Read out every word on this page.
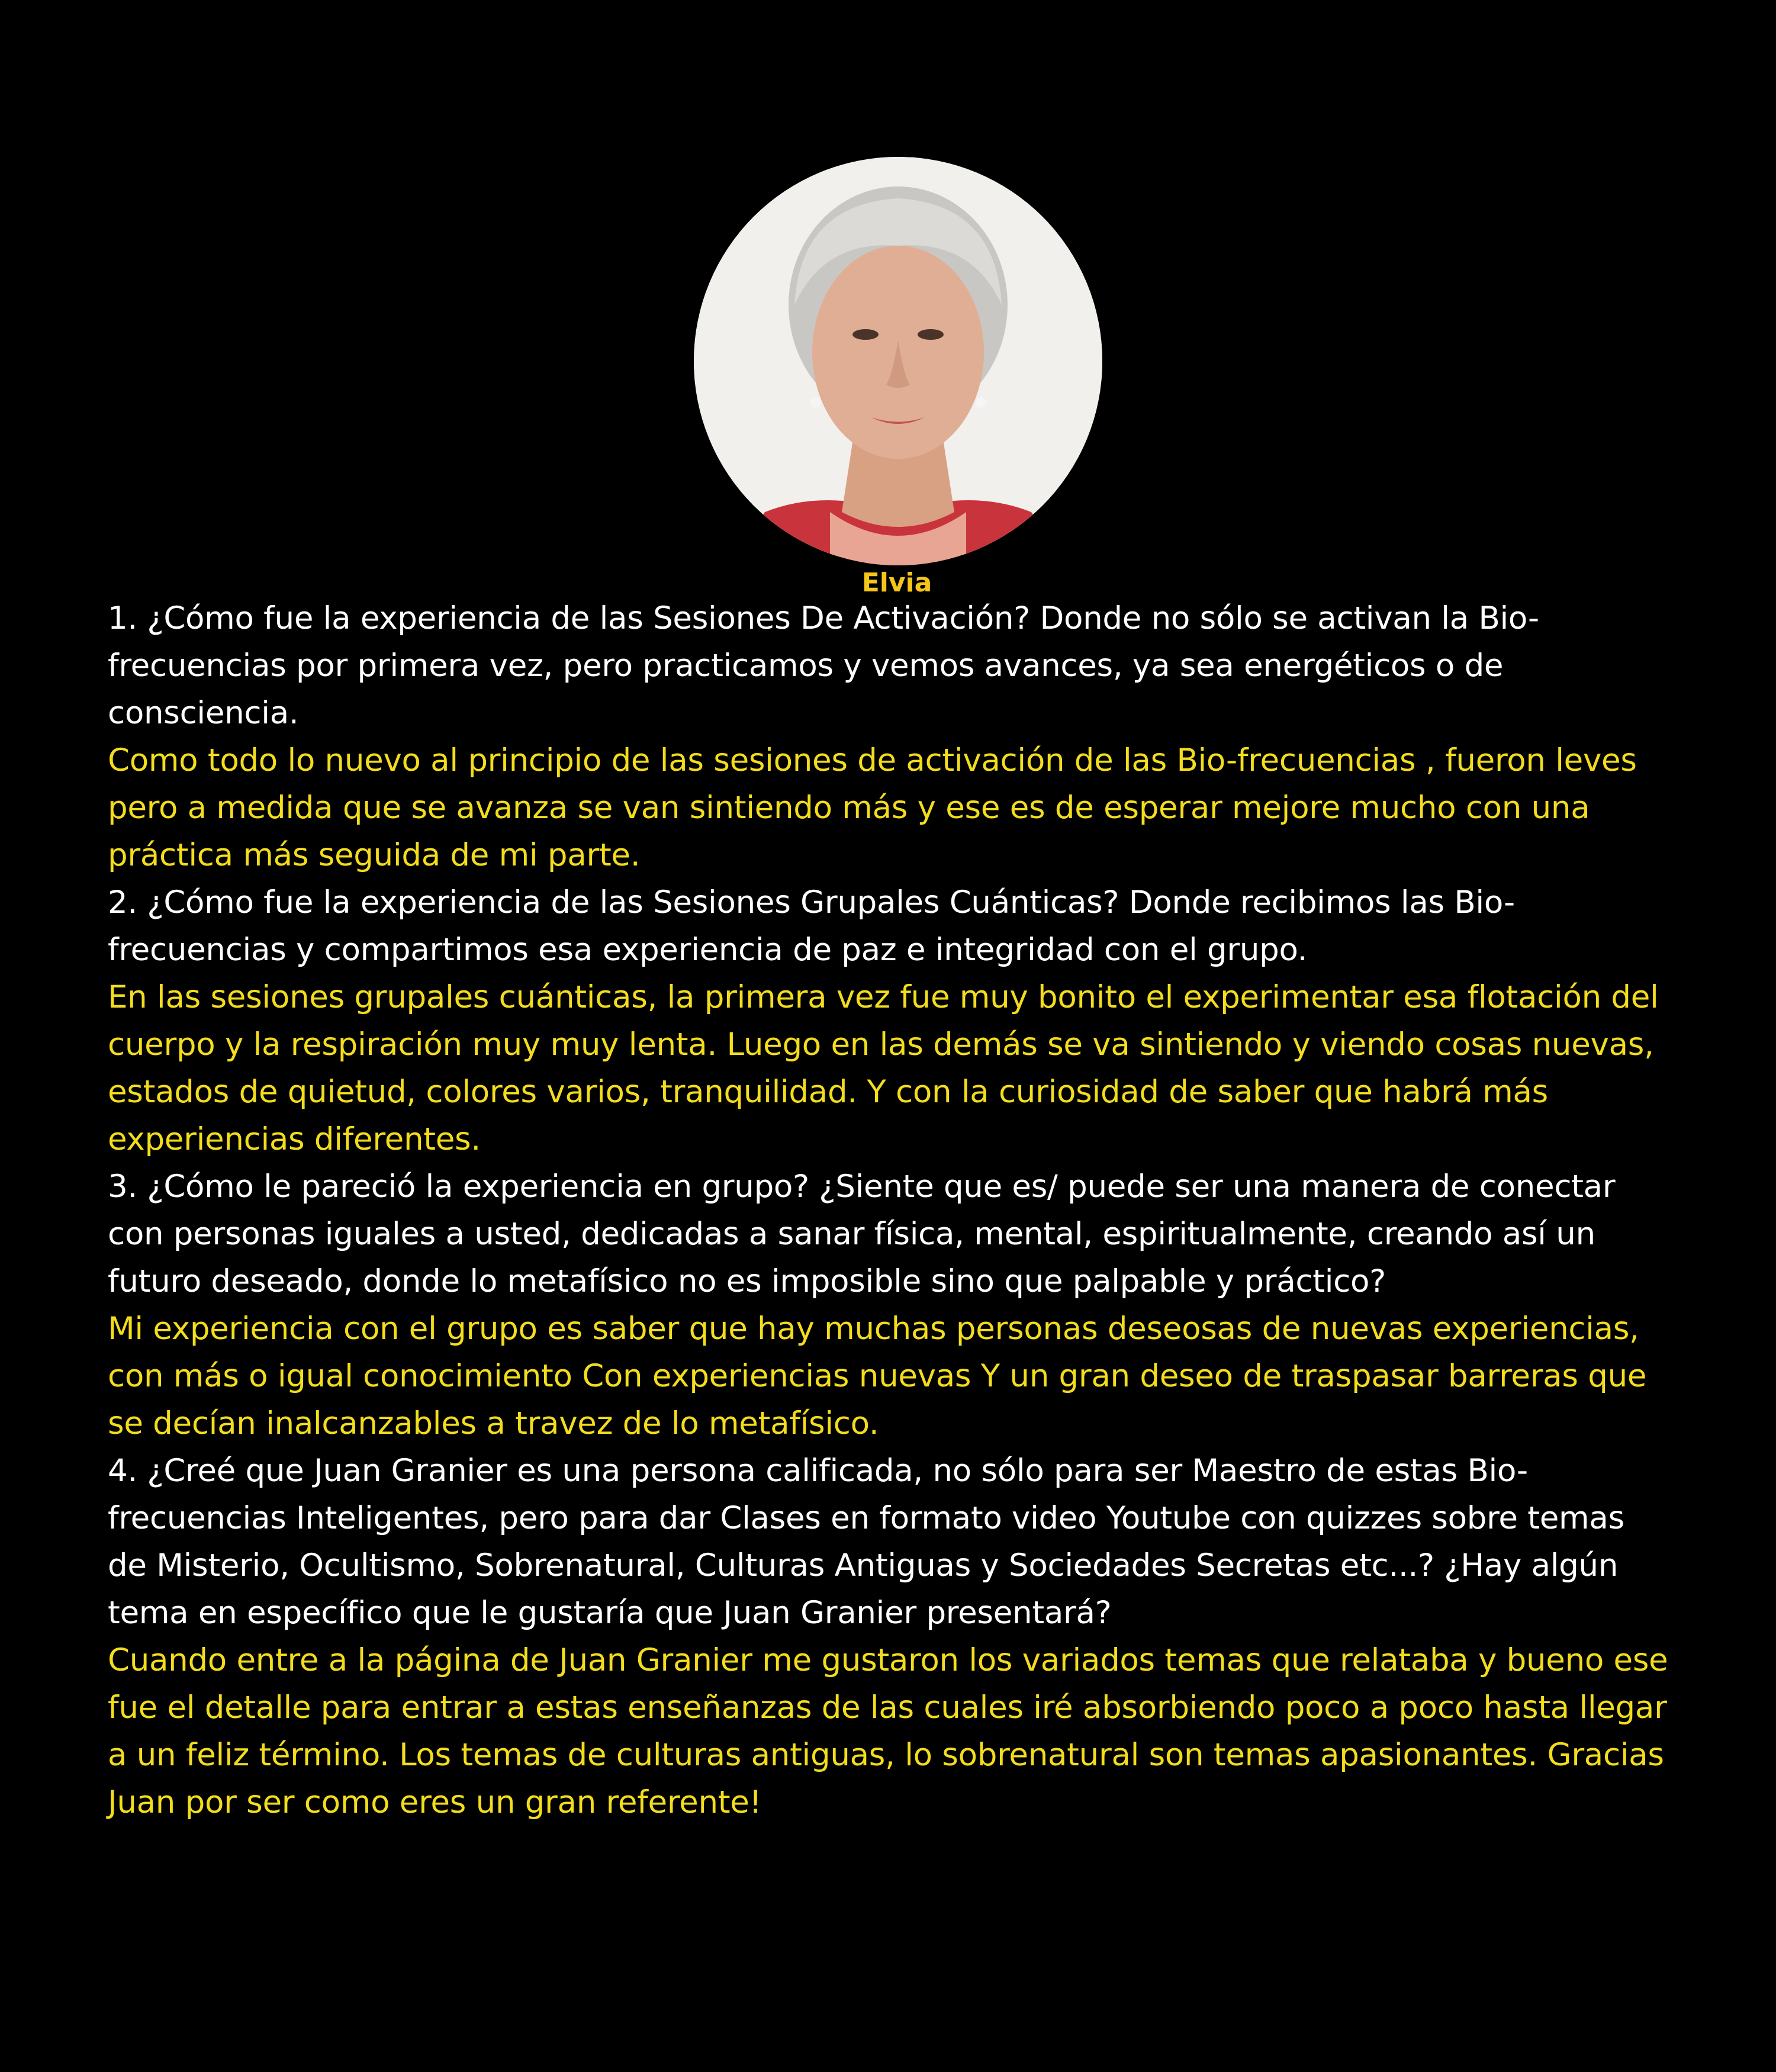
Elvia

1. ¿Cómo fue la experiencia de las Sesiones De Activación? Donde no sólo se activan la Bio-frecuencias por primera vez, pero practicamos y vemos avances, ya sea energéticos o de consciencia.

Como todo lo nuevo al principio de las sesiones de activación de las Bio-frecuencias , fueron leves pero a medida que se avanza se van sintiendo más y ese es de esperar mejore mucho con una práctica más seguida de mi parte.

2. ¿Cómo fue la experiencia de las Sesiones Grupales Cuánticas? Donde recibimos las Bio-frecuencias y compartimos esa experiencia de paz e integridad con el grupo.

En las sesiones grupales cuánticas, la primera vez fue muy bonito el experimentar esa flotación del cuerpo y la respiración muy muy lenta. Luego en las demás se va sintiendo y viendo cosas nuevas, estados de quietud, colores varios, tranquilidad. Y con la curiosidad de saber que habrá más experiencias diferentes.

3. ¿Cómo le pareció la experiencia en grupo? ¿Siente que es/ puede ser una manera de conectar con personas iguales a usted, dedicadas a sanar física, mental, espiritualmente, creando así un futuro deseado, donde lo metafísico no es imposible sino que palpable y práctico?

Mi experiencia con el grupo es saber que hay muchas personas deseosas de nuevas experiencias, con más o igual conocimiento Con experiencias nuevas Y un gran deseo de traspasar barreras que se decían inalcanzables a travez de lo metafísico.

4. ¿Creé que Juan Granier es una persona calificada, no sólo para ser Maestro de estas Bio-frecuencias Inteligentes, pero para dar Clases en formato video Youtube con quizzes sobre temas de Misterio, Ocultismo, Sobrenatural, Culturas Antiguas y Sociedades Secretas etc...? ¿Hay algún tema en específico que le gustaría que Juan Granier presentará?

Cuando entre a la página de Juan Granier me gustaron los variados temas que relataba y bueno ese fue el detalle para entrar a estas enseñanzas de las cuales iré absorbiendo poco a poco hasta llegar a un feliz término. Los temas de culturas antiguas, lo sobrenatural son temas apasionantes. Gracias Juan por ser como eres un gran referente!
